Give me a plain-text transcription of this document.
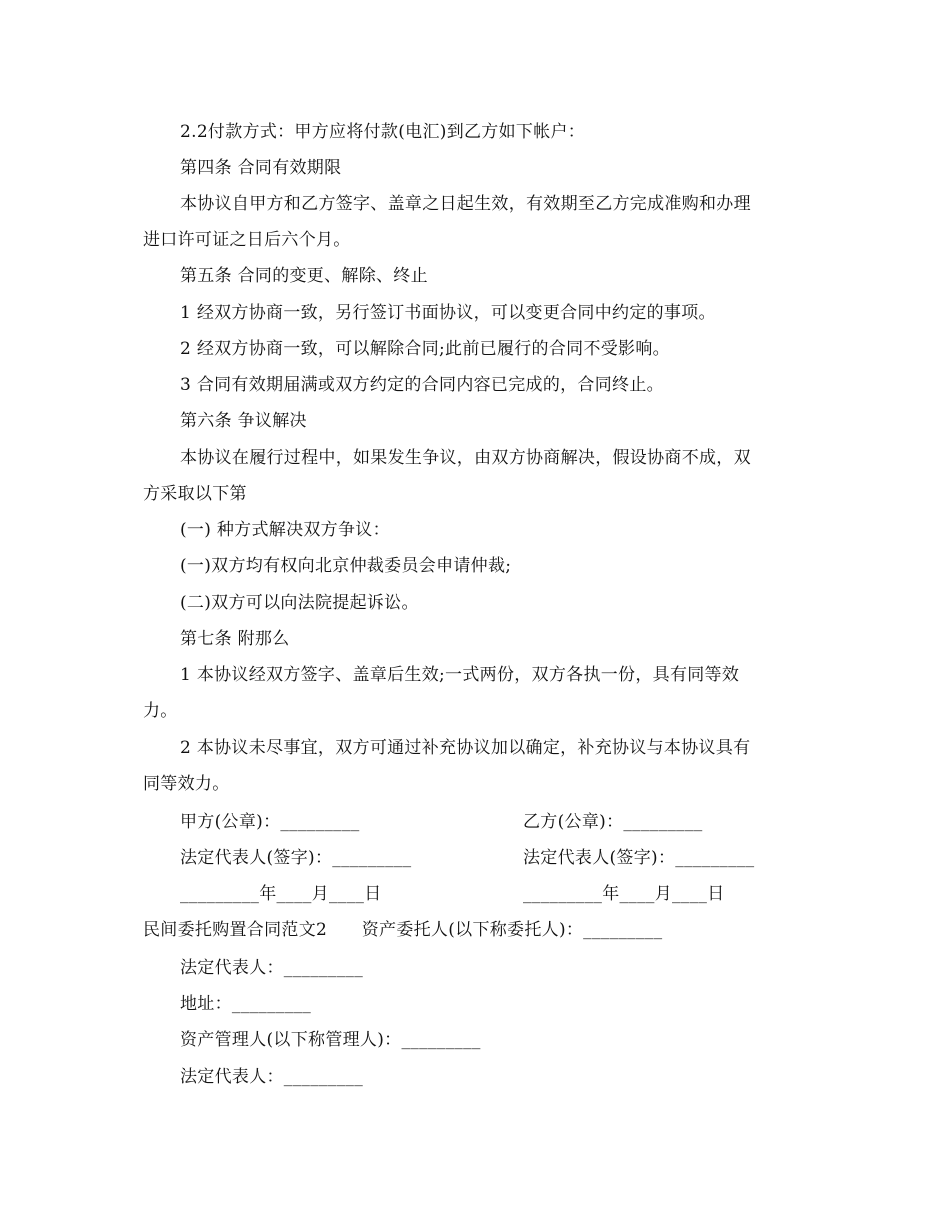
2.2付款方式：甲方应将付款(电汇)到乙方如下帐户：
第四条 合同有效期限
本协议自甲方和乙方签字、盖章之日起生效，有效期至乙方完成准购和办理
进口许可证之日后六个月。
第五条 合同的变更、解除、终止
1 经双方协商一致，另行签订书面协议，可以变更合同中约定的事项。
2 经双方协商一致，可以解除合同;此前已履行的合同不受影响。
3 合同有效期届满或双方约定的合同内容已完成的，合同终止。
第六条 争议解决
本协议在履行过程中，如果发生争议，由双方协商解决，假设协商不成，双
方采取以下第
(一) 种方式解决双方争议：
(一)双方均有权向北京仲裁委员会申请仲裁;
(二)双方可以向法院提起诉讼。
第七条 附那么
1 本协议经双方签字、盖章后生效;一式两份，双方各执一份，具有同等效
力。
2 本协议未尽事宜，双方可通过补充协议加以确定，补充协议与本协议具有
同等效力。
甲方(公章)：_________	乙方(公章)：_________
法定代表人(签字)：_________	法定代表人(签字)：_________
_________年____月____日	_________年____月____日
民间委托购置合同范文2　　资产委托人(以下称委托人)：_________
法定代表人：_________
地址：_________
资产管理人(以下称管理人)：_________
法定代表人：_________
